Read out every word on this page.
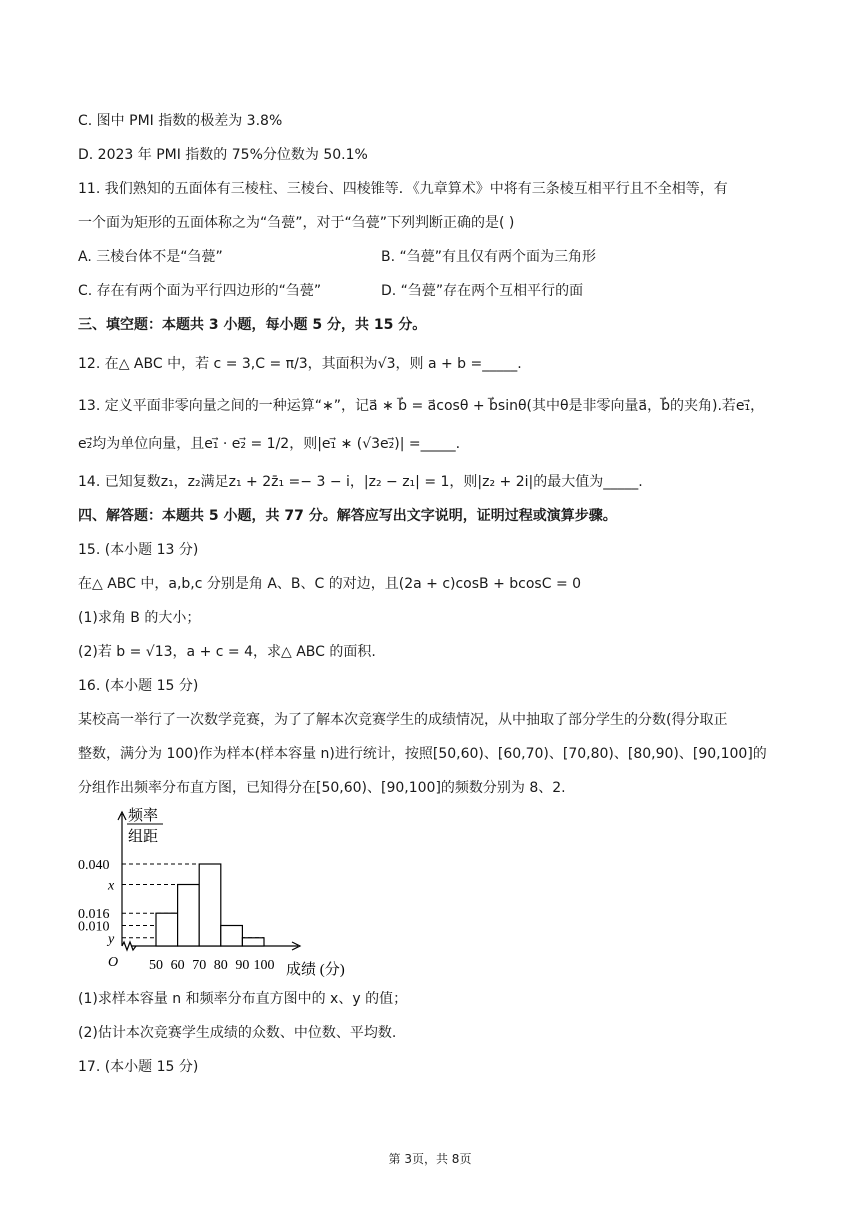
C. 图中 PMI 指数的极差为 3.8%
D. 2023 年 PMI 指数的 75%分位数为 50.1%
11. 我们熟知的五面体有三棱柱、三棱台、四棱锥等．《九章算术》中将有三条棱互相平行且不全相等，有
一个面为矩形的五面体称之为“刍甍”，对于“刍甍”下列判断正确的是( )
A. 三棱台体不是“刍甍”	B. “刍甍”有且仅有两个面为三角形
C. 存在有两个面为平行四边形的“刍甍”	D. “刍甍”存在两个互相平行的面
三、填空题：本题共 3 小题，每小题 5 分，共 15 分。
12. 在△ ABC 中，若 c = 3,C = π/3，其面积为√3，则 a + b =_____.
13. 定义平面非零向量之间的一种运算“∗”，记a⃗ ∗ b⃗ = a⃗cosθ + b⃗sinθ(其中θ是非零向量a⃗，b⃗的夹角).若e₁⃗，
e₂⃗均为单位向量，且e₁⃗ · e₂⃗ = 1/2，则|e₁⃗ ∗ (√3e₂⃗)| =_____.
14. 已知复数z₁，z₂满足z₁ + 2z̄₁ =− 3 − i，|z₂ − z₁| = 1，则|z₂ + 2i|的最大值为_____.
四、解答题：本题共 5 小题，共 77 分。解答应写出文字说明，证明过程或演算步骤。
15. (本小题 13 分)
在△ ABC 中，a,b,c 分别是角 A、B、C 的对边，且(2a + c)cosB + bcosC = 0
(1)求角 B 的大小；
(2)若 b = √13，a + c = 4，求△ ABC 的面积.
16. (本小题 15 分)
某校高一举行了一次数学竞赛，为了了解本次竞赛学生的成绩情况，从中抽取了部分学生的分数(得分取正
整数，满分为 100)作为样本(样本容量 n)进行统计，按照[50,60)、[60,70)、[70,80)、[80,90)、[90,100]的
分组作出频率分布直方图，已知得分在[50,60)、[90,100]的频数分别为 8、2.
频率
组距
成绩 (分)
O
0.040
x
0.016
0.010
y
50 60 70 80 90 100
(1)求样本容量 n 和频率分布直方图中的 x、y 的值；
(2)估计本次竞赛学生成绩的众数、中位数、平均数.
17. (本小题 15 分)
第 3页，共 8页
